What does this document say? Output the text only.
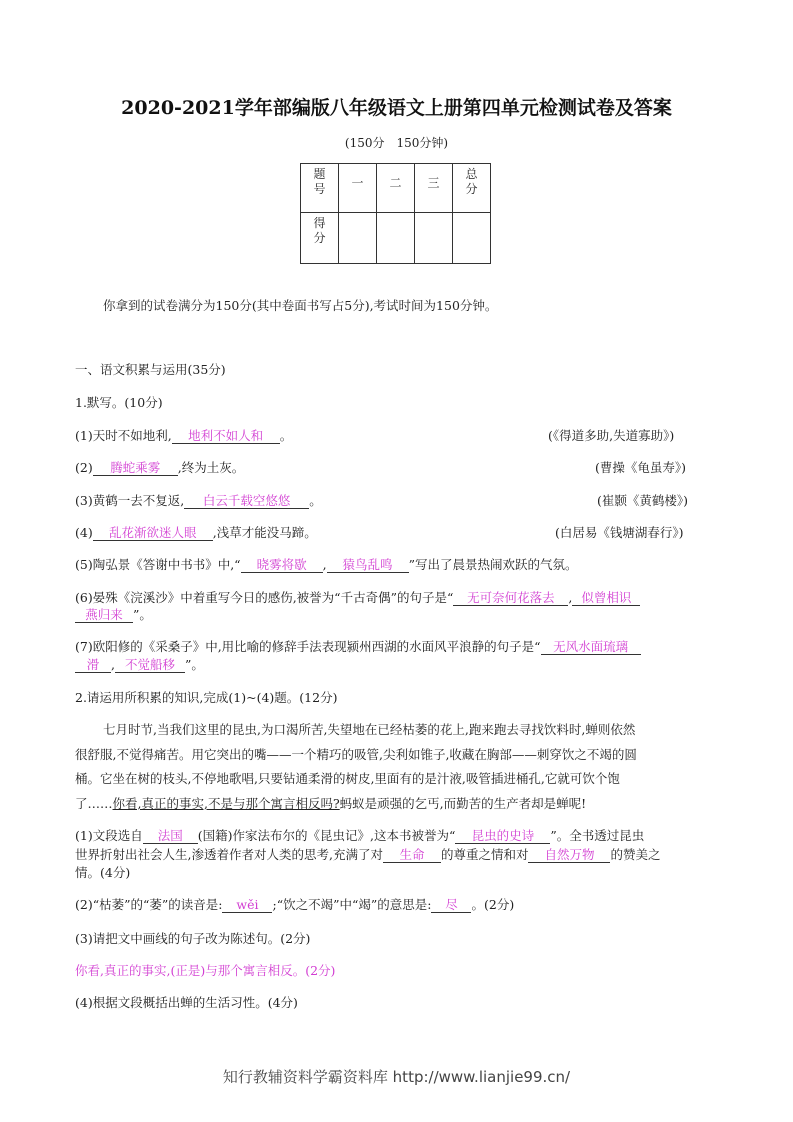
2020-2021学年部编版八年级语文上册第四单元检测试卷及答案
(150分　150分钟)
题号	一	二	三	总分
得分				
你拿到的试卷满分为150分(其中卷面书写占5分),考试时间为150分钟。
一、语文积累与运用(35分)
1.默写。(10分)
(1)天时不如地利, 地利不如人和 。	(《得道多助,失道寡助》)
(2) 腾蛇乘雾 ,终为土灰。	(曹操《龟虽寿》)
(3)黄鹤一去不复返, 白云千载空悠悠 。	(崔颢《黄鹤楼》)
(4) 乱花渐欲迷人眼 ,浅草才能没马蹄。	(白居易《钱塘湖春行》)
(5)陶弘景《答谢中书书》中,“ 晓雾将歇 , 猿鸟乱鸣 ”写出了晨景热闹欢跃的气氛。
(6)晏殊《浣溪沙》中着重写今日的感伤,被誉为“千古奇偶”的句子是“ 无可奈何花落去 , 似曾相识
燕归来 ”。
(7)欧阳修的《采桑子》中,用比喻的修辞手法表现颍州西湖的水面风平浪静的句子是“ 无风水面琉璃
滑 , 不觉船移 ”。
2.请运用所积累的知识,完成(1)~(4)题。(12分)
七月时节,当我们这里的昆虫,为口渴所苦,失望地在已经枯萎的花上,跑来跑去寻找饮料时,蝉则依然
很舒服,不觉得痛苦。用它突出的嘴——一个精巧的吸管,尖利如锥子,收藏在胸部——刺穿饮之不竭的圆
桶。它坐在树的枝头,不停地歌唱,只要钻通柔滑的树皮,里面有的是汁液,吸管插进桶孔,它就可饮个饱
了……你看,真正的事实,不是与那个寓言相反吗?蚂蚁是顽强的乞丐,而勤苦的生产者却是蝉呢!
(1)文段选自 法国 (国籍)作家法布尔的《昆虫记》,这本书被誉为“ 昆虫的史诗 ”。全书透过昆虫
世界折射出社会人生,渗透着作者对人类的思考,充满了对 生命 的尊重之情和对 自然万物 的赞美之
情。(4分)
(2)“枯萎”的“萎”的读音是: wěi ;“饮之不竭”中“竭”的意思是: 尽 。(2分)
(3)请把文中画线的句子改为陈述句。(2分)
你看,真正的事实,(正是)与那个寓言相反。(2分)
(4)根据文段概括出蝉的生活习性。(4分)
知行教辅资料学霸资料库 http://www.lianjie99.cn/
